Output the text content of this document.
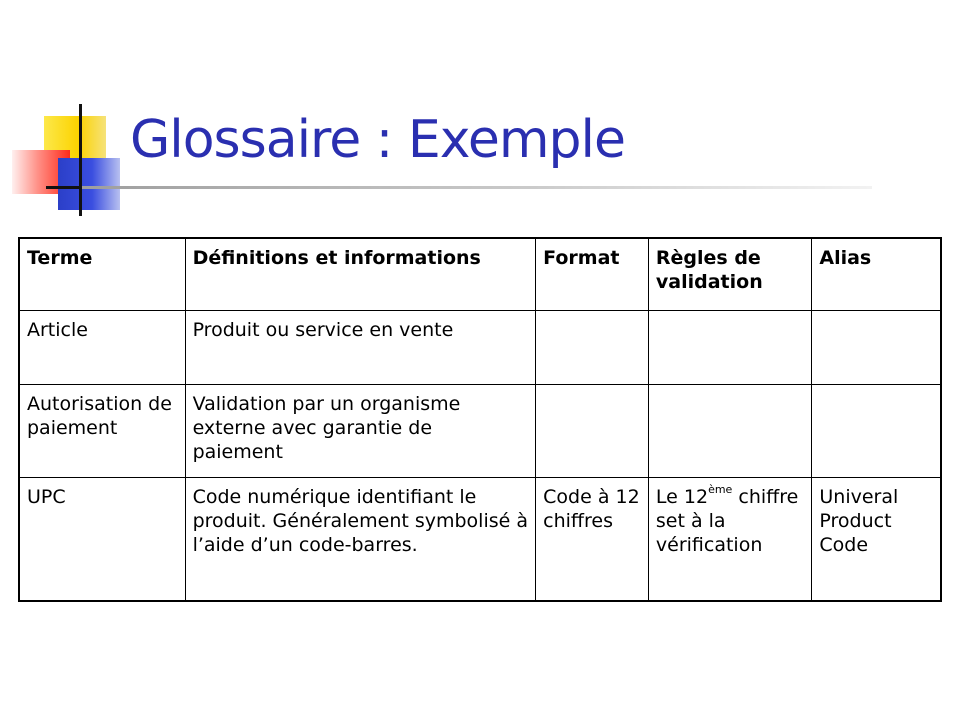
Glossaire : Exemple
Terme	Définitions et informations	Format	Règles de validation	Alias
Article	Produit ou service en vente			
Autorisation de paiement	Validation par un organisme externe avec garantie de paiement			
UPC	Code numérique identifiant le produit. Généralement symbolisé à l’aide d’un code-barres.	Code à 12 chiffres	Le 12ème chiffre set à la vérification	Univeral Product Code
